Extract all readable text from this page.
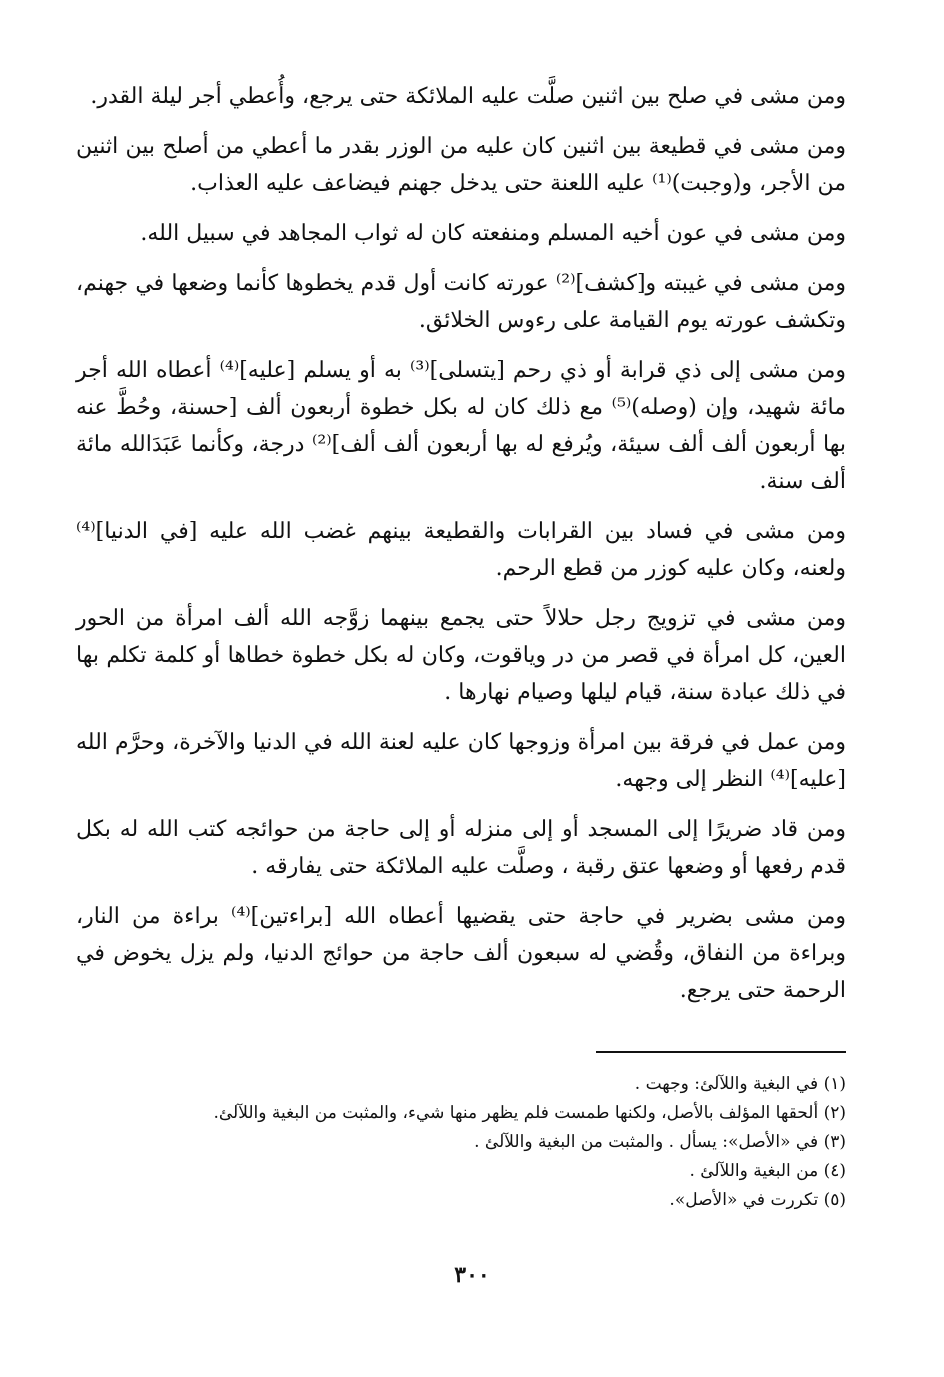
ومن مشى في صلح بين اثنين صلَّت عليه الملائكة حتى يرجع، وأُعطي أجر ليلة القدر.

ومن مشى في قطيعة بين اثنين كان عليه من الوزر بقدر ما أعطي من أصلح بين اثنين من الأجر، و(وجبت)⁽¹⁾ عليه اللعنة حتى يدخل جهنم فيضاعف عليه العذاب.

ومن مشى في عون أخيه المسلم ومنفعته كان له ثواب المجاهد في سبيل الله.

ومن مشى في غيبته و[كشف]⁽²⁾ عورته كانت أول قدم يخطوها كأنما وضعها في جهنم، وتكشف عورته يوم القيامة على رءوس الخلائق.

ومن مشى إلى ذي قرابة أو ذي رحم [يتسلى]⁽³⁾ به أو يسلم [عليه]⁽⁴⁾ أعطاه الله أجر مائة شهيد، وإن (وصله)⁽⁵⁾ مع ذلك كان له بكل خطوة أربعون ألف [حسنة، وحُطَّ عنه بها أربعون ألف ألف سيئة، ويُرفع له بها أربعون ألف ألف]⁽²⁾ درجة، وكأنما عَبَدَالله مائة ألف سنة.

ومن مشى في فساد بين القرابات والقطيعة بينهم غضب الله عليه [في الدنيا]⁽⁴⁾ ولعنه، وكان عليه كوزر من قطع الرحم.

ومن مشى في تزويج رجل حلالاً حتى يجمع بينهما زوَّجه الله ألف امرأة من الحور العين، كل امرأة في قصر من در وياقوت، وكان له بكل خطوة خطاها أو كلمة تكلم بها في ذلك عبادة سنة، قيام ليلها وصيام نهارها .

ومن عمل في فرقة بين امرأة وزوجها كان عليه لعنة الله في الدنيا والآخرة، وحرَّم الله [عليه]⁽⁴⁾ النظر إلى وجهه.

ومن قاد ضريرًا إلى المسجد أو إلى منزله أو إلى حاجة من حوائجه كتب الله له بكل قدم رفعها أو وضعها عتق رقبة ، وصلَّت عليه الملائكة حتى يفارقه .

ومن مشى بضرير في حاجة حتى يقضيها أعطاه الله [براءتين]⁽⁴⁾ براءة من النار، وبراءة من النفاق، وقُضي له سبعون ألف حاجة من حوائج الدنيا، ولم يزل يخوض في الرحمة حتى يرجع.

(١) في البغية واللآلئ: وجهت .
(٢) ألحقها المؤلف بالأصل، ولكنها طمست فلم يظهر منها شيء، والمثبت من البغية واللآلئ.
(٣) في «الأصل»: يسأل . والمثبت من البغية واللآلئ .
(٤) من البغية واللآلئ .
(٥) تكررت في «الأصل».
٣٠٠
